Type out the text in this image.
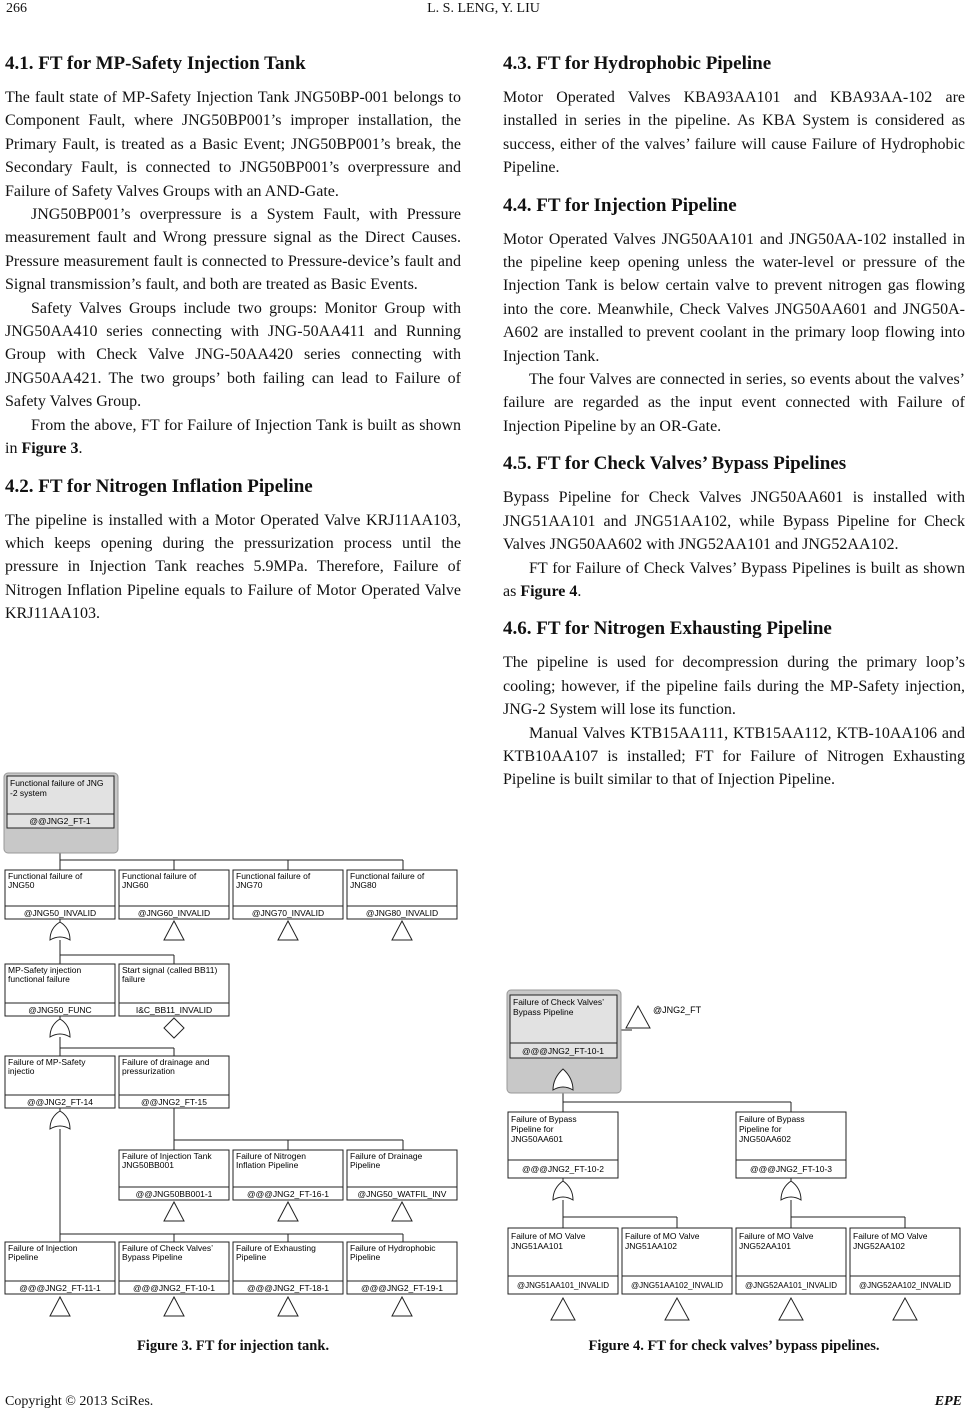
266	L. S. LENG, Y. LIU
4.1. FT for MP-Safety Injection Tank

The fault state of MP-Safety Injection Tank JNG50BP-001 belongs to Component Fault, where JNG50BP001’s improper installation, the Primary Fault, is treated as a Basic Event; JNG50BP001’s break, the Secondary Fault, is connected to JNG50BP001’s overpressure and Failure of Safety Valves Groups with an AND-Gate.

JNG50BP001’s overpressure is a System Fault, with Pressure measurement fault and Wrong pressure signal as the Direct Causes. Pressure measurement fault is connected to Pressure-device’s fault and Signal transmission’s fault, and both are treated as Basic Events.

Safety Valves Groups include two groups: Monitor Group with JNG50AA410 series connecting with JNG-50AA411 and Running Group with Check Valve JNG-50AA420 series connecting with JNG50AA421. The two groups’ both failing can lead to Failure of Safety Valves Group.

From the above, FT for Failure of Injection Tank is built as shown in Figure 3.

4.2. FT for Nitrogen Inflation Pipeline

The pipeline is installed with a Motor Operated Valve KRJ11AA103, which keeps opening during the pressurization process until the pressure in Injection Tank reaches 5.9MPa. Therefore, Failure of Nitrogen Inflation Pipeline equals to Failure of Motor Operated Valve KRJ11AA103.

4.3. FT for Hydrophobic Pipeline

Motor Operated Valves KBA93AA101 and KBA93AA-102 are installed in series in the pipeline. As KBA System is considered as success, either of the valves’ failure will cause Failure of Hydrophobic Pipeline.

4.4. FT for Injection Pipeline

Motor Operated Valves JNG50AA101 and JNG50AA-102 installed in the pipeline keep opening unless the water-level or pressure of the Injection Tank is below certain valve to prevent nitrogen gas flowing into the core. Meanwhile, Check Valves JNG50AA601 and JNG50A-A602 are installed to prevent coolant in the primary loop flowing into Injection Tank.

The four Valves are connected in series, so events about the valves’ failure are regarded as the input event connected with Failure of Injection Pipeline by an OR-Gate.

4.5. FT for Check Valves’ Bypass Pipelines

Bypass Pipeline for Check Valves JNG50AA601 is installed with JNG51AA101 and JNG51AA102, while Bypass Pipeline for Check Valves JNG50AA602 with JNG52AA101 and JNG52AA102.

FT for Failure of Check Valves’ Bypass Pipelines is built as shown as Figure 4.

4.6. FT for Nitrogen Exhausting Pipeline

The pipeline is used for decompression during the primary loop’s cooling; however, if the pipeline fails during the MP-Safety injection, JNG-2 System will lose its function.

Manual Valves KTB15AA111, KTB15AA112, KTB-10AA106 and KTB10AA107 is installed; FT for Failure of Nitrogen Exhausting Pipeline is built similar to that of Injection Pipeline.

Functional failure of JNG
-2 system
@@JNG2_FT-1
Functional failure of
JNG50
@JNG50_INVALID
Functional failure of
JNG60
@JNG60_INVALID
Functional failure of
JNG70
@JNG70_INVALID
Functional failure of
JNG80
@JNG80_INVALID
MP-Safety injection
functional failure
@JNG50_FUNC
Start signal (called BB11)
failure
I&C_BB11_INVALID
Failure of MP-Safety
injectio
@@JNG2_FT-14
Failure of drainage and
pressurization
@@JNG2_FT-15
Failure of Injection Tank
JNG50BB001
@@JNG50BB001-1
Failure of Nitrogen
Inflation Pipeline
@@@JNG2_FT-16-1
Failure of Drainage
Pipeline
@JNG50_WATFIL_INV
Failure of Injection
Pipeline
@@@JNG2_FT-11-1
Failure of Check Valves’
Bypass Pipeline
@@@JNG2_FT-10-1
Failure of Exhausting
Pipeline
@@@JNG2_FT-18-1
Failure of Hydrophobic
Pipeline
@@@JNG2_FT-19-1
Figure 3. FT for injection tank.
Failure of Check Valves’
Bypass Pipeline
@@@JNG2_FT-10-1
@JNG2_FT
Failure of Bypass
Pipeline for
JNG50AA601
@@@JNG2_FT-10-2
Failure of Bypass
Pipeline for
JNG50AA602
@@@JNG2_FT-10-3
Failure of MO Valve
JNG51AA101
@JNG51AA101_INVALID
Failure of MO Valve
JNG51AA102
@JNG51AA102_INVALID
Failure of MO Valve
JNG52AA101
@JNG52AA101_INVALID
Failure of MO Valve
JNG52AA102
@JNG52AA102_INVALID
Figure 4. FT for check valves’ bypass pipelines.
Copyright © 2013 SciRes.	EPE
